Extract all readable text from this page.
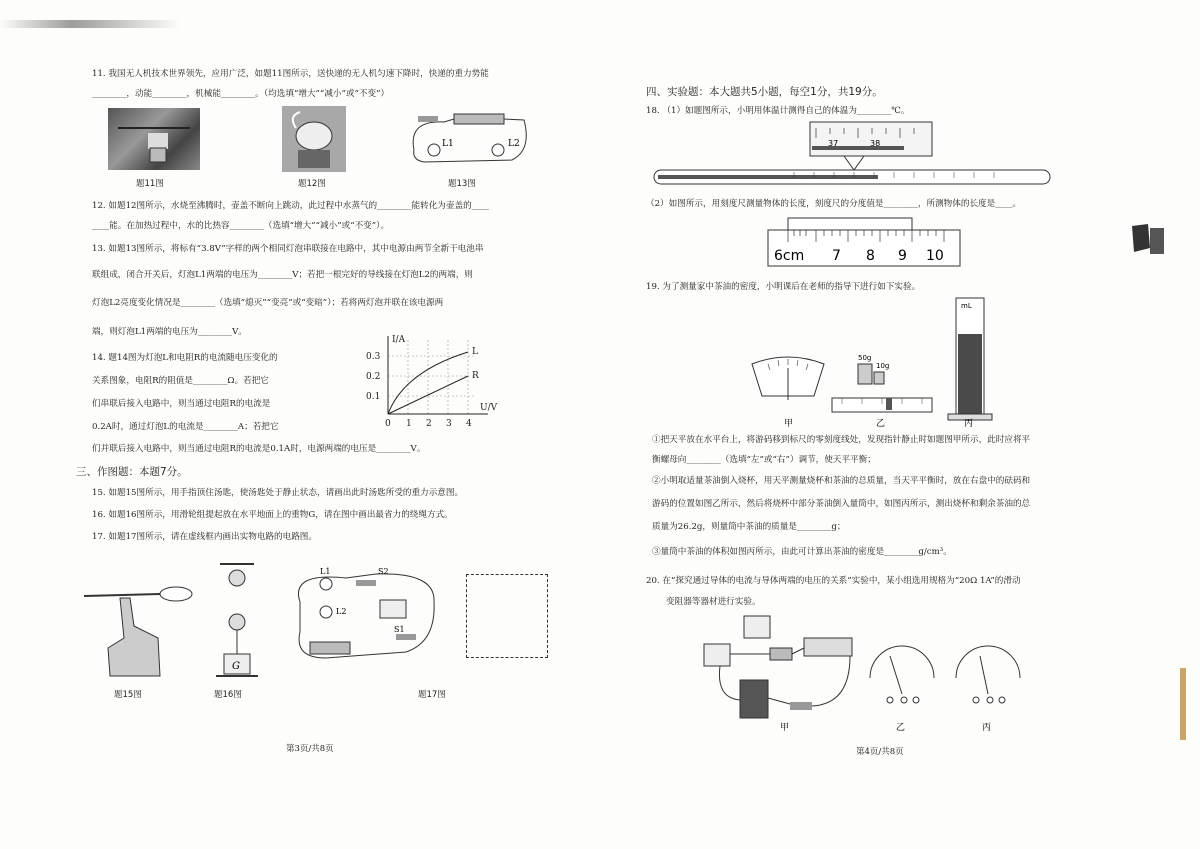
11. 我国无人机技术世界领先，应用广泛，如题11图所示，送快递的无人机匀速下降时，快递的重力势能
________，动能________，机械能________。（均选填“增大”“减小”或“不变”）
题11图	题12图
L1	L2
题13图
12. 如题12图所示，水烧至沸腾时，壶盖不断向上跳动，此过程中水蒸气的________能转化为壶盖的____
____能。在加热过程中，水的比热容________（选填“增大”“减小”或“不变”）。
13. 如题13图所示，将标有“3.8V”字样的两个相同灯泡串联接在电路中，其中电源由两节全新干电池串
联组成，闭合开关后，灯泡L1两端的电压为________V；若把一根完好的导线接在灯泡L2的两端，则
灯泡L2亮度变化情况是________（选填“熄灭”“变亮”或“变暗”）；若将两灯泡并联在该电源两
端，则灯泡L1两端的电压为________V。
14. 题14图为灯泡L和电阻R的电流随电压变化的
关系图象，电阻R的阻值是________Ω。若把它
们串联后接入电路中，则当通过电阻R的电流是
0.2A时，通过灯泡L的电流是________A；若把它
们并联后接入电路中，则当通过电阻R的电流是0.1A时，电源两端的电压是________V。
I/A
0.3
0.2
0.1
0 1 2 3 4
L
R
U/V
三、作图题：本题7分。
15. 如题15图所示，用手指顶住汤匙，使汤匙处于静止状态，请画出此时汤匙所受的重力示意图。
16. 如题16图所示，用滑轮组提起放在水平地面上的重物G，请在图中画出最省力的绕绳方式。
17. 如题17图所示，请在虚线框内画出实物电路的电路图。
题15图
G
题16图
L1	S2
L2
S1
题17图
第3页/共8页
四、实验题：本大题共5小题，每空1分，共19分。
18. （1）如题图所示，小明用体温计测得自己的体温为________℃。
37	38
（2）如图所示，用刻度尺测量物体的长度，刻度尺的分度值是________，所测物体的长度是____。
6cm 7 8 9 10
19. 为了测量家中茶油的密度，小明课后在老师的指导下进行如下实验。
50g
10g
mL
甲	乙	丙
①把天平放在水平台上，将游码移到标尺的零刻度线处，发现指针静止时如题图甲所示，此时应将平
衡螺母向________（选填“左”或“右”）调节，使天平平衡；
②小明取适量茶油倒入烧杯，用天平测量烧杯和茶油的总质量，当天平平衡时，放在右盘中的砝码和
游码的位置如图乙所示，然后将烧杯中部分茶油倒入量筒中，如图丙所示，测出烧杯和剩余茶油的总
质量为26.2g，则量筒中茶油的质量是________g；
③量筒中茶油的体积如图丙所示，由此可计算出茶油的密度是________g/cm³。
20. 在“探究通过导体的电流与导体两端的电压的关系”实验中，某小组选用规格为“20Ω 1A”的滑动
变阻器等器材进行实验。
甲	乙	丙
第4页/共8页
